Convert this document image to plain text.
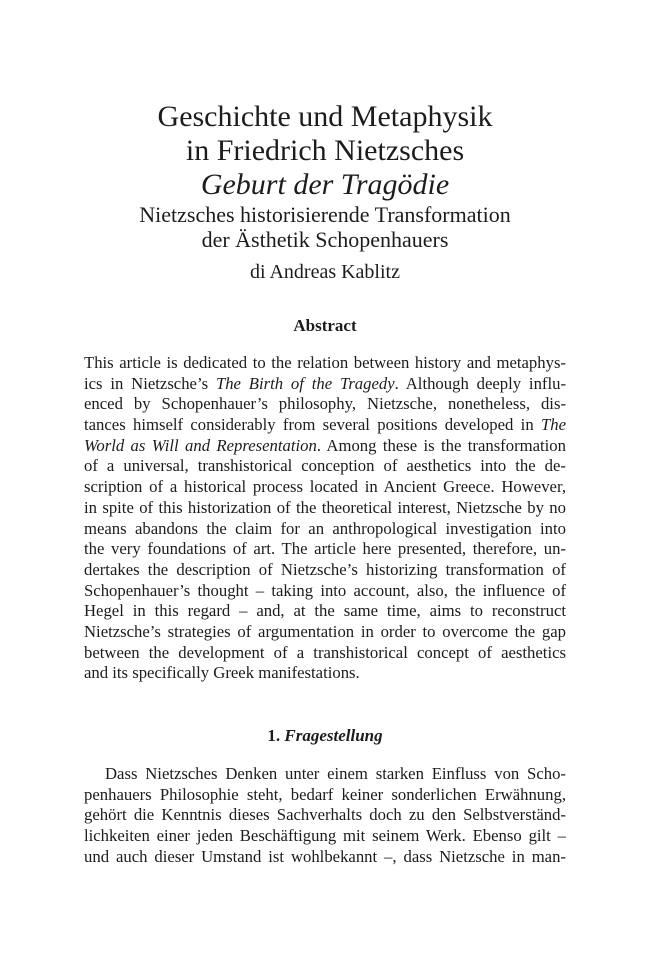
Geschichte und Metaphysik
in Friedrich Nietzsches
Geburt der Tragödie
Nietzsches historisierende Transformation
der Ästhetik Schopenhauers
di Andreas Kablitz
Abstract
This article is dedicated to the relation between history and metaphys-
ics in Nietzsche’s The Birth of the Tragedy. Although deeply influ-
enced by Schopenhauer’s philosophy, Nietzsche, nonetheless, dis-
tances himself considerably from several positions developed in The
World as Will and Representation. Among these is the transformation
of a universal, transhistorical conception of aesthetics into the de-
scription of a historical process located in Ancient Greece. However,
in spite of this historization of the theoretical interest, Nietzsche by no
means abandons the claim for an anthropological investigation into
the very foundations of art. The article here presented, therefore, un-
dertakes the description of Nietzsche’s historizing transformation of
Schopenhauer’s thought – taking into account, also, the influence of
Hegel in this regard – and, at the same time, aims to reconstruct
Nietzsche’s strategies of argumentation in order to overcome the gap
between the development of a transhistorical concept of aesthetics
and its specifically Greek manifestations.
1. Fragestellung
Dass Nietzsches Denken unter einem starken Einfluss von Scho-
penhauers Philosophie steht, bedarf keiner sonderlichen Erwähnung,
gehört die Kenntnis dieses Sachverhalts doch zu den Selbstverständ-
lichkeiten einer jeden Beschäftigung mit seinem Werk. Ebenso gilt –
und auch dieser Umstand ist wohlbekannt –, dass Nietzsche in man-
